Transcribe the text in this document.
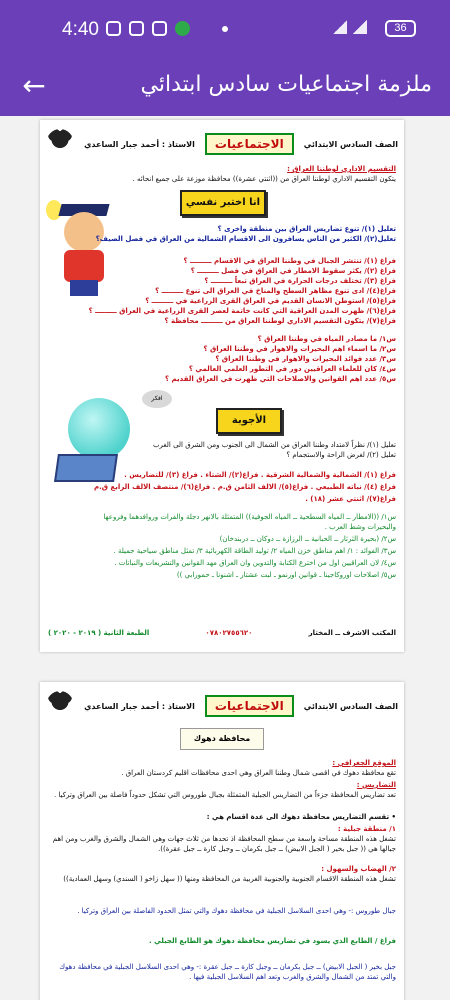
4:40	36
←	ملزمة اجتماعيات سادس ابتدائي
الصف السادس الابتدائي
الاجتماعيات
الاستاذ : أحمد جبار الساعدي
التقسيم الاداري لوطننا العراق :
يتكون التقسيم الاداري لوطننا العراق من ((اثنتي عشرة)) محافظة موزعة على جميع انحائه .
انا اختبر نفسي
تعليل (١)/ تنوع تضاريس العراق بين منطقة واخرى ؟
تعليل(٢)/ الكثير من الناس يسافرون الى الاقسام الشمالية من العراق في فصل الصيف؟
فراغ (١)/ تنتشر الجبال في وطننا العراق في الاقسام ـــــــــ ؟
فراغ (٢)/ يكثر سقوط الامطار في العراق في فصل ـــــــــ ؟
فراغ (٣)/ تختلف درجات الحرارة في العراق تبعاً ـــــــــ ؟
فراغ(٤)/ ادى تنوع مظاهر السطح والمناخ في العراق الى تنوع ـــــــــ ؟
فراغ(٥)/ استوطن الانسان القديم في العراق القرى الزراعية في ـــــــــ ؟
فراغ(٦)/ ظهرت المدن العراقية التي كانت خاتمة لعصر القرى الزراعية في العراق ـــــــــ ؟
فراغ(٧)/ يتكون التقسيم الاداري لوطننا العراق من ـــــــــ محافظة ؟
س١/ ما مصادر المياه في وطننا العراق ؟
س٢/ ما اسماء اهم البحيرات والاهوار في وطننا العراق ؟
س٣/ عدد فوائد البحيرات والاهوار في وطننا العراق ؟
س٤/ كان للعلماء العراقيين دور في التطور العلمي العالمي ؟
س٥/ عدد اهم القوانين والاصلاحات التي ظهرت في العراق القديم ؟
افكر
الأجوبة
تعليل (١)/ نظراً لامتداد وطننا العراق من الشمال الى الجنوب ومن الشرق الى الغرب
تعليل (٢)/ لغرض الراحة والاستجمام ؟
فراغ (١)/ الشمالية والشمالية الشرقية . فراغ(٢)/ الشتاء . فراغ (٣)/ للتضاريس .
فراغ (٤)/ نباته الطبيعي . فراغ(٥)/ الالف الثامن ق.م . فراغ(٦)/ منتصف الالف الرابع ق.م
فراغ(٧)/ اثنتي عشر (١٨) .
س١/ ((الامطار ــ المياه السطحية ــ المياه الجوفية)) المتمثلة بالانهر دجلة والفرات وروافدهما وفروعها
والبحيرات وشط العرب .
س٢/ (بحيرة الثرثار ــ الحبانية ــ الرزازة ــ دوكان ــ دربندخان)
س٣/ الفوائد : ١/ اهم مناطق خزن المياه ٢/ توليد الطاقة الكهربائية ٣/ تمثل مناطق سياحية جميلة .
س٤/ لان العراقيين اول من اخترع الكتابة والتدوين وان العراق مهد القوانين والتشريعات والنباتات .
س٥/ اصلاحات اوروكاجينا ـ قوانين اورنمو ـ لبت عشتار ـ اشنونا ـ حمورابي ))
المكتب الاشرف ــ المختار
٠٧٨٠٢٧٥٥٦٢٠
الطبعة الثانية ( ٢٠١٩ - ٢٠٢٠ )
الصف السادس الابتدائي
الاجتماعيات
الاستاذ : أحمد جبار الساعدي
محافظة دهوك
الموقع الجغرافي :
تقع محافظة دهوك في اقصى شمال وطننا العراق وهي احدى محافظات اقليم كردستان العراق .
التضاريس :
تعد تضاريس المحافظة جزءاً من التضاريس الجبلية المتمثلة بجبال طوروس التي تشكل حدوداً فاصلة بين العراق وتركيا .
• تقسم التضاريس محافظة دهوك الى عدة اقسام هي :
١/ منطقة جبلية :
تشغل هذه المنطقة مساحة واسعة من سطح المحافظة اذ تحدها من ثلاث جهات وهي الشمال والشرق والغرب ومن اهم جبالها هي (( جبل بخير ( الجبل الابيض) ــ جبل بكرمان ــ وجبل كارة ــ جبل عقرة)).
٢/ الهضاب والسهول :
تشغل هذه المنطقة الاقسام الجنوبية والجنوبية الغربية من المحافظة ومنها (( سهل زاخو ( السندي) وسهل العمادية))
جبال طوروس :- وهي احدى السلاسل الجبلية في محافظة دهوك والتي تمثل الحدود الفاصلة بين العراق وتركيا .
فراغ / الطابع الذي يسود في تضاريس محافظة دهوك هو الطابع الجبلي .
جبل بخير ( الجبل الابيض) ــ جبل بكرمان ــ وجبل كارة ــ جبل عقرة :- وهي احدى السلاسل الجبلية في محافظة دهوك والتي تمتد من الشمال والشرق والغرب وتعد اهم السلاسل الجبلية فيها .
